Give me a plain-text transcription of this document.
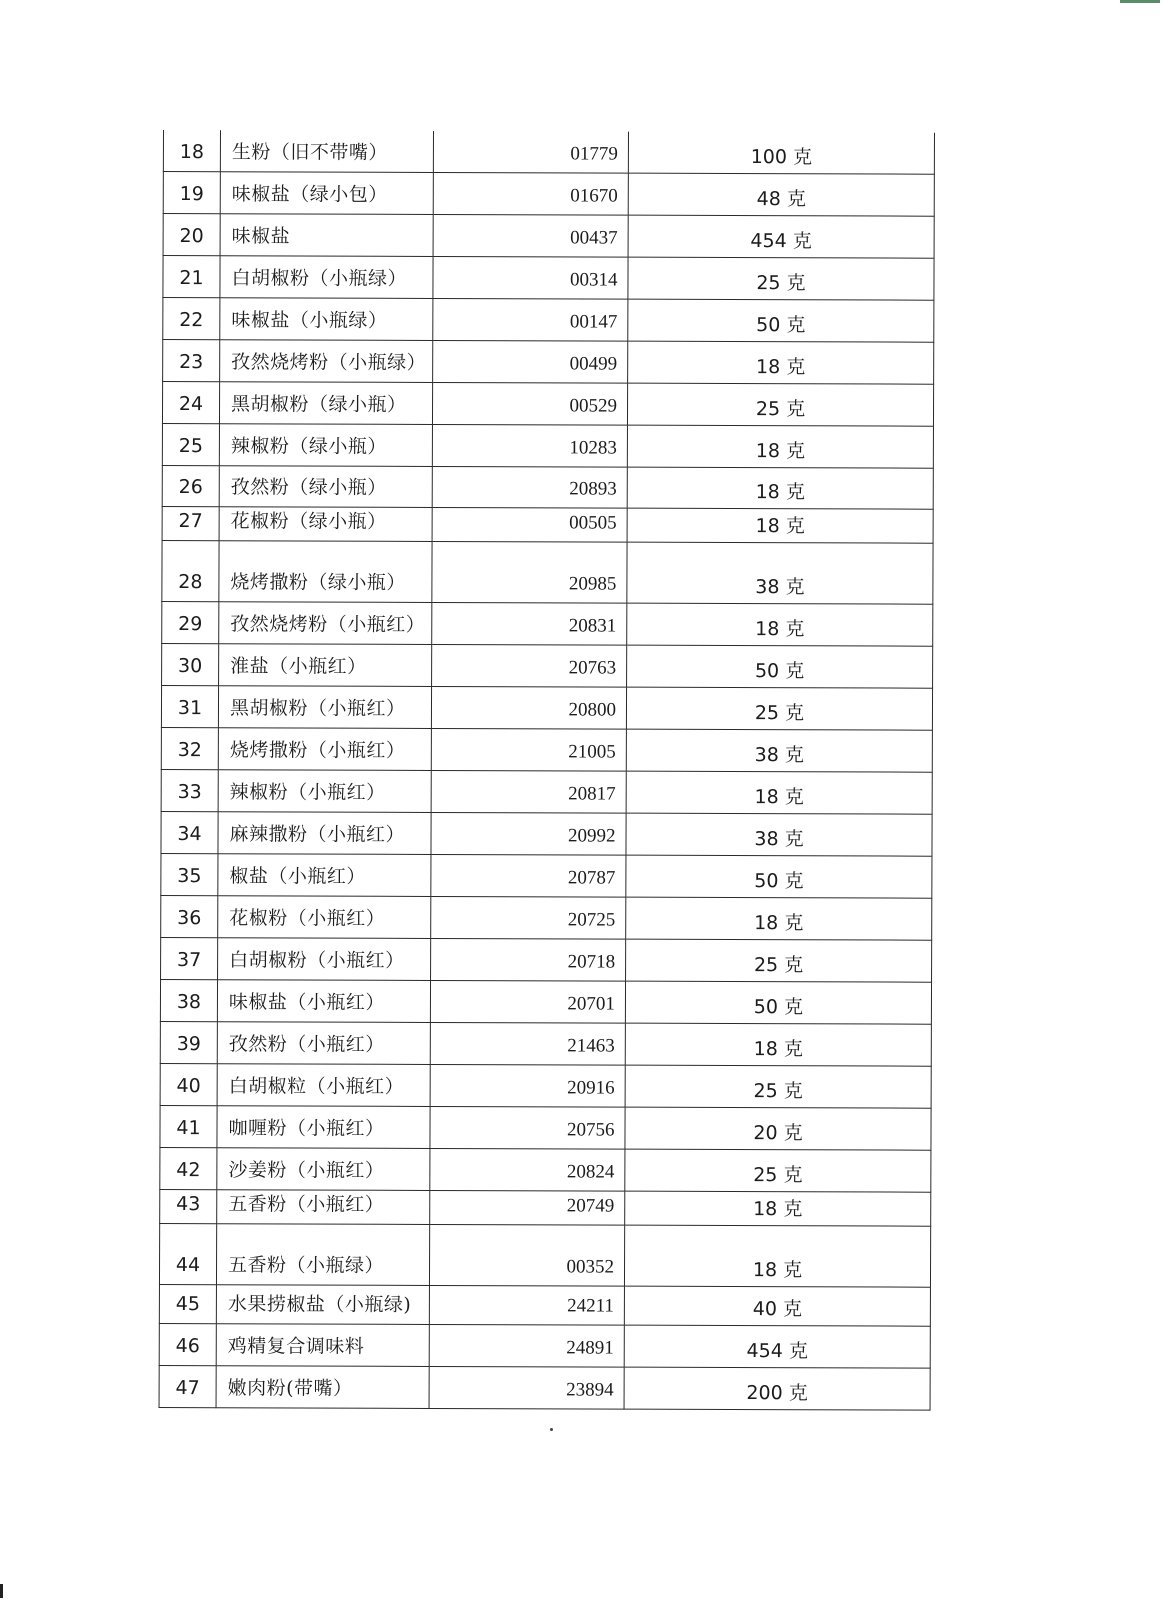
18	生粉（旧不带嘴）	01779	100 克
19	味椒盐（绿小包）	01670	48 克
20	味椒盐	00437	454 克
21	白胡椒粉（小瓶绿）	00314	25 克
22	味椒盐（小瓶绿）	00147	50 克
23	孜然烧烤粉（小瓶绿）	00499	18 克
24	黑胡椒粉（绿小瓶）	00529	25 克
25	辣椒粉（绿小瓶）	10283	18 克
26	孜然粉（绿小瓶）	20893	18 克
27	花椒粉（绿小瓶）	00505	18 克
28	烧烤撒粉（绿小瓶）	20985	38 克
29	孜然烧烤粉（小瓶红）	20831	18 克
30	淮盐（小瓶红）	20763	50 克
31	黑胡椒粉（小瓶红）	20800	25 克
32	烧烤撒粉（小瓶红）	21005	38 克
33	辣椒粉（小瓶红）	20817	18 克
34	麻辣撒粉（小瓶红）	20992	38 克
35	椒盐（小瓶红）	20787	50 克
36	花椒粉（小瓶红）	20725	18 克
37	白胡椒粉（小瓶红）	20718	25 克
38	味椒盐（小瓶红）	20701	50 克
39	孜然粉（小瓶红）	21463	18 克
40	白胡椒粒（小瓶红）	20916	25 克
41	咖喱粉（小瓶红）	20756	20 克
42	沙姜粉（小瓶红）	20824	25 克
43	五香粉（小瓶红）	20749	18 克
44	五香粉（小瓶绿）	00352	18 克
45	水果捞椒盐（小瓶绿)	24211	40 克
46	鸡精复合调味料	24891	454 克
47	嫩肉粉(带嘴）	23894	200 克
